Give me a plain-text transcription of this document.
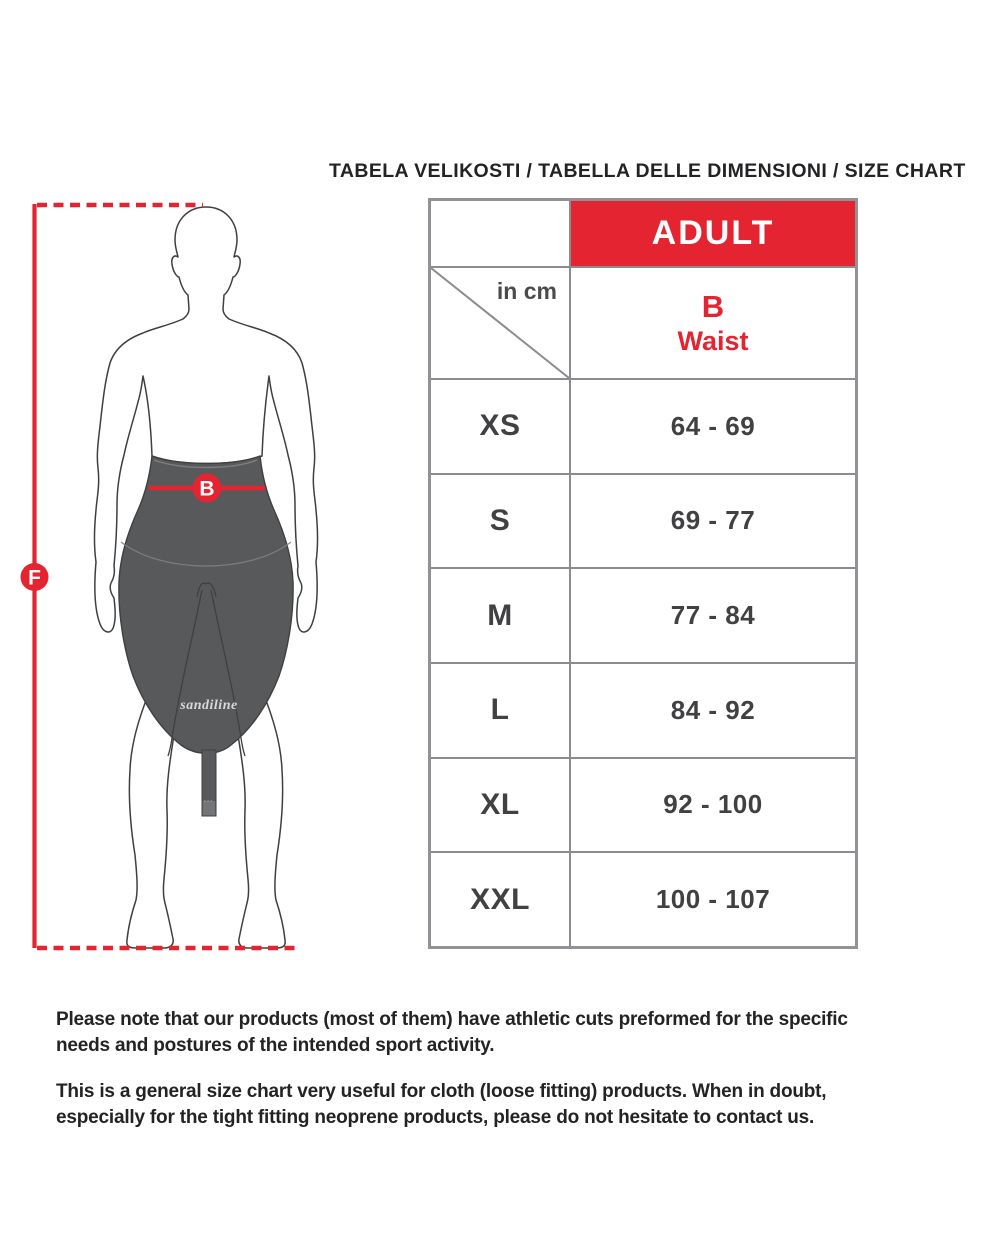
TABELA VELIKOSTI / TABELLA DELLE DIMENSIONI / SIZE CHART
sandiline
B
F
ADULT
in cm	B
Waist
XS	64 - 69
S	69 - 77
M	77 - 84
L	84 - 92
XL	92 - 100
XXL	100 - 107
Please note that our products (most of them) have athletic cuts preformed for the specific
needs and postures of the intended sport activity.
This is a general size chart very useful for cloth (loose fitting) products. When in doubt,
especially for the tight fitting neoprene products, please do not hesitate to contact us.
